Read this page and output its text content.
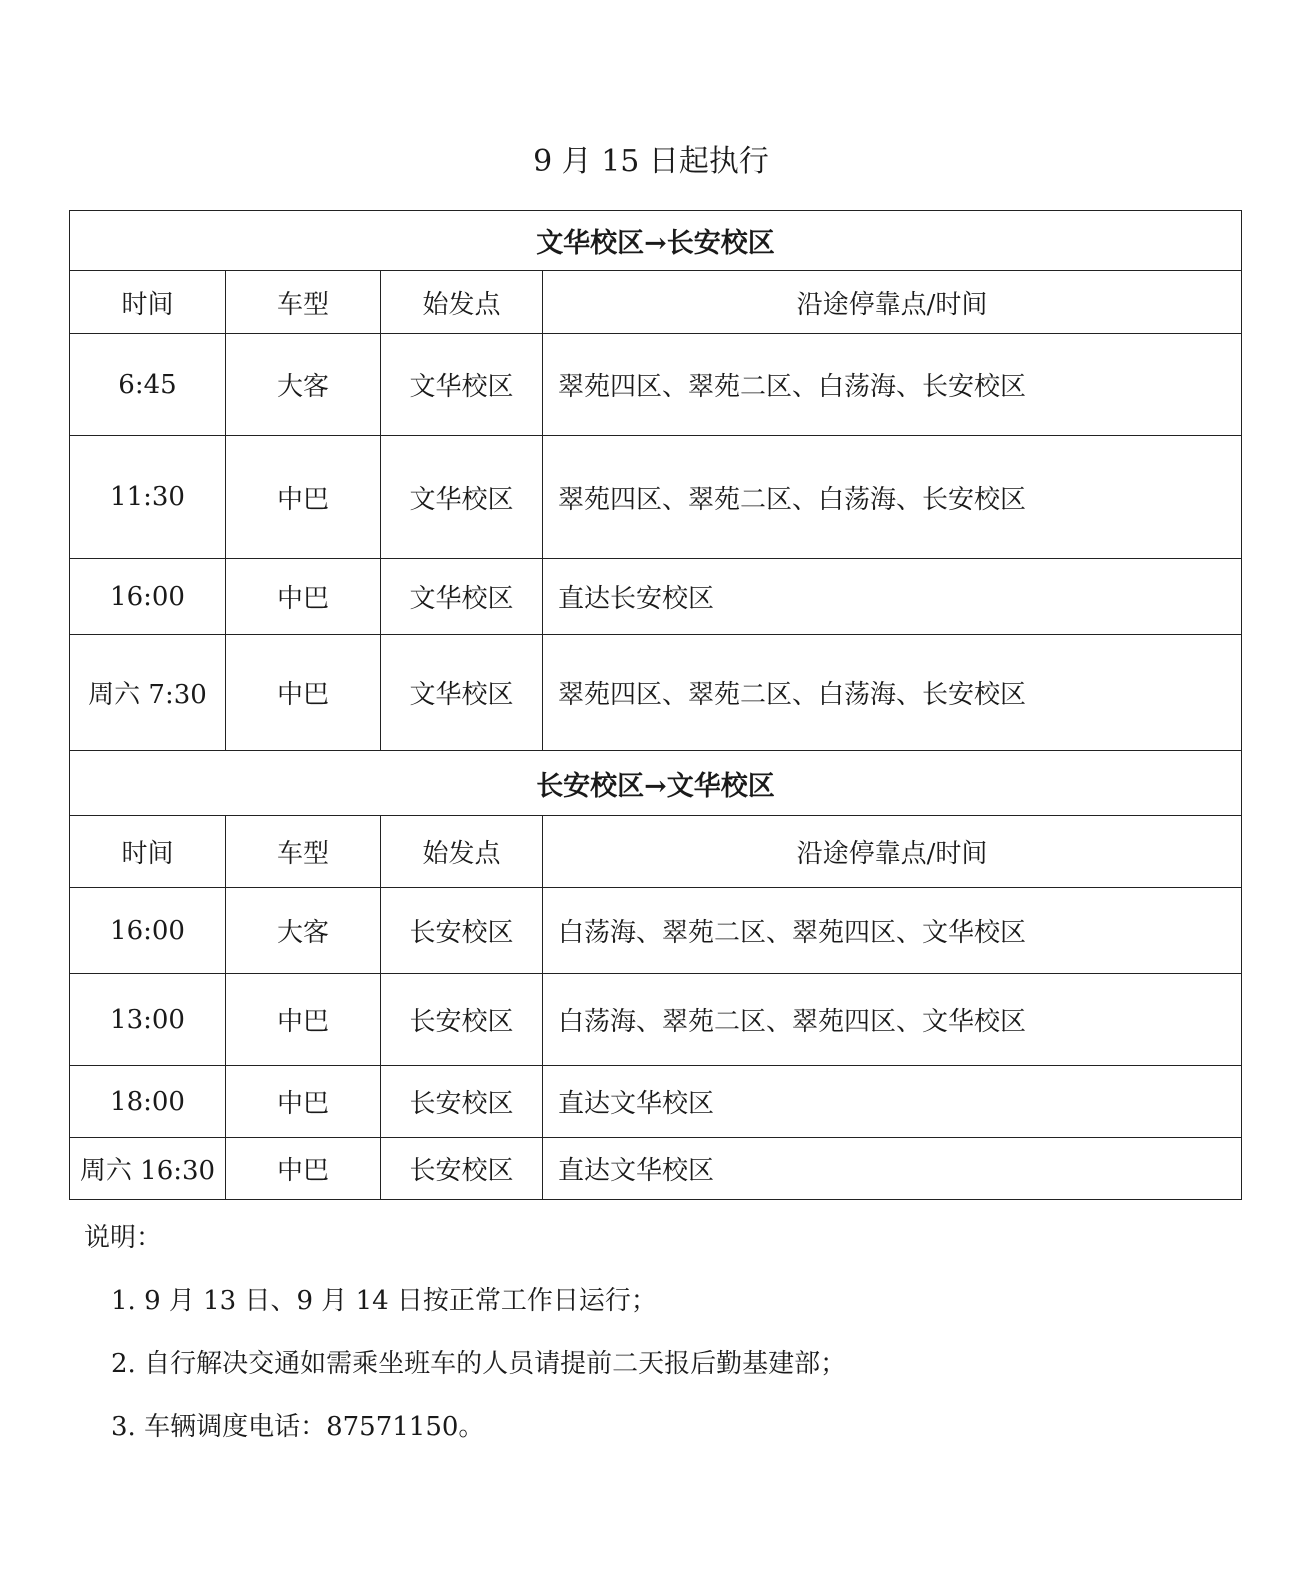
9 月 15 日起执行
文华校区→长安校区			
时间	车型	始发点	沿途停靠点/时间
6:45	大客	文华校区	翠苑四区、翠苑二区、白荡海、长安校区
11:30	中巴	文华校区	翠苑四区、翠苑二区、白荡海、长安校区
16:00	中巴	文华校区	直达长安校区
周六 7:30	中巴	文华校区	翠苑四区、翠苑二区、白荡海、长安校区
长安校区→文华校区			
时间	车型	始发点	沿途停靠点/时间
16:00	大客	长安校区	白荡海、翠苑二区、翠苑四区、文华校区
13:00	中巴	长安校区	白荡海、翠苑二区、翠苑四区、文华校区
18:00	中巴	长安校区	直达文华校区
周六 16:30	中巴	长安校区	直达文华校区
说明：
1. 9 月 13 日、9 月 14 日按正常工作日运行；
2. 自行解决交通如需乘坐班车的人员请提前二天报后勤基建部；
3. 车辆调度电话：87571150。
